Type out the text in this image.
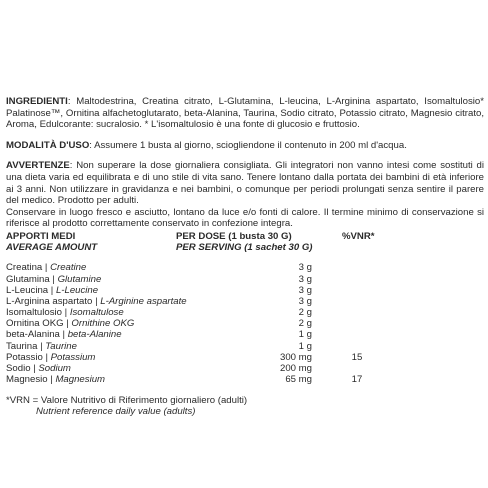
INGREDIENTI: Maltodestrina, Creatina citrato, L-Glutamina, L-leucina, L-Arginina aspartato, Isomaltulosio* Palatinose™, Ornitina alfachetoglutarato, beta-Alanina, Taurina, Sodio citrato, Potassio citrato, Magnesio citrato, Aroma, Edulcorante: sucralosio. * L'isomaltulosio è una fonte di glucosio e fruttosio.

MODALITÀ D'USO: Assumere 1 busta al giorno, sciogliendone il contenuto in 200 ml d'acqua.

AVVERTENZE: Non superare la dose giornaliera consigliata. Gli integratori non vanno intesi come sostituti di una dieta varia ed equilibrata e di uno stile di vita sano. Tenere lontano dalla portata dei bambini di età inferiore ai 3 anni. Non utilizzare in gravidanza e nei bambini, o comunque per periodi prolungati senza sentire il parere del medico. Prodotto per adulti.

Conservare in luogo fresco e asciutto, lontano da luce e/o fonti di calore. Il termine minimo di conservazione si riferisce al prodotto correttamente conservato in confezione integra.

APPORTI MEDI	PER DOSE (1 busta 30 G)	%VNR*
AVERAGE AMOUNT	PER SERVING (1 sachet 30 G)
Creatina | Creatine	3 g
Glutamina | Glutamine	3 g
L-Leucina | L-Leucine	3 g
L-Arginina aspartato | L-Arginine aspartate	3 g
Isomaltulosio | Isomaltulose	2 g
Ornitina OKG | Ornithine OKG	2 g
beta-Alanina | beta-Alanine	1 g
Taurina | Taurine	1 g
Potassio | Potassium	300 mg	15
Sodio | Sodium	200 mg
Magnesio | Magnesium	65 mg	17
*VRN = Valore Nutritivo di Riferimento giornaliero (adulti)
Nutrient reference daily value (adults)
